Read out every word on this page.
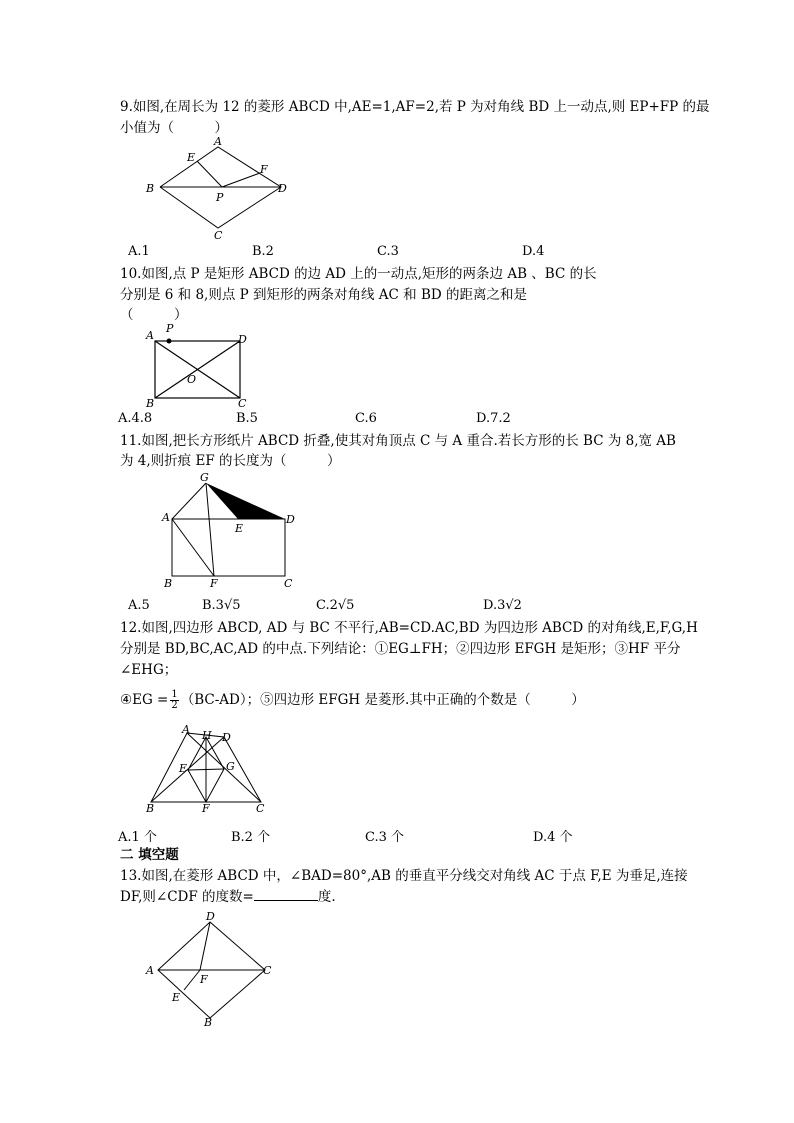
9.如图,在周长为 12 的菱形 ABCD 中,AE=1,AF=2,若 P 为对角线 BD 上一动点,则 EP+FP 的最
小值为（　　　）
A
E
F
B	D
P
C
A.1	B.2	C.3	D.4
10.如图,点 P 是矩形 ABCD 的边 AD 上的一动点,矩形的两条边 AB 、BC 的长
分别是 6 和 8,则点 P 到矩形的两条对角线 AC 和 BD 的距离之和是
（　　　）
A
P
D
O
B	C
A.4.8	B.5	C.6	D.7.2
11.如图,把长方形纸片 ABCD 折叠,使其对角顶点 C 与 A 重合.若长方形的长 BC 为 8,宽 AB
为 4,则折痕 EF 的长度为（　　　）
G
A
E
D
B	F	C
A.5	B.3√5	C.2√5	D.3√2
12.如图,四边形 ABCD, AD 与 BC 不平行,AB=CD.AC,BD 为四边形 ABCD 的对角线,E,F,G,H
分别是 BD,BC,AC,AD 的中点.下列结论：①EG⊥FH；②四边形 EFGH 是矩形；③HF 平分
∠EHG；
④EG = $\frac{1}{2} (BC-AD)$；⑤四边形 EFGH 是菱形.其中正确的个数是（　　　）
A H D
E	G
B	F	C
A.1 个	B.2 个	C.3 个	D.4 个
二 填空题
13.如图,在菱形 ABCD 中，∠BAD=80°,AB 的垂直平分线交对角线 AC 于点 F,E 为垂足,连接
DF,则∠CDF 的度数=	度.
D
A
F
C
E
B
